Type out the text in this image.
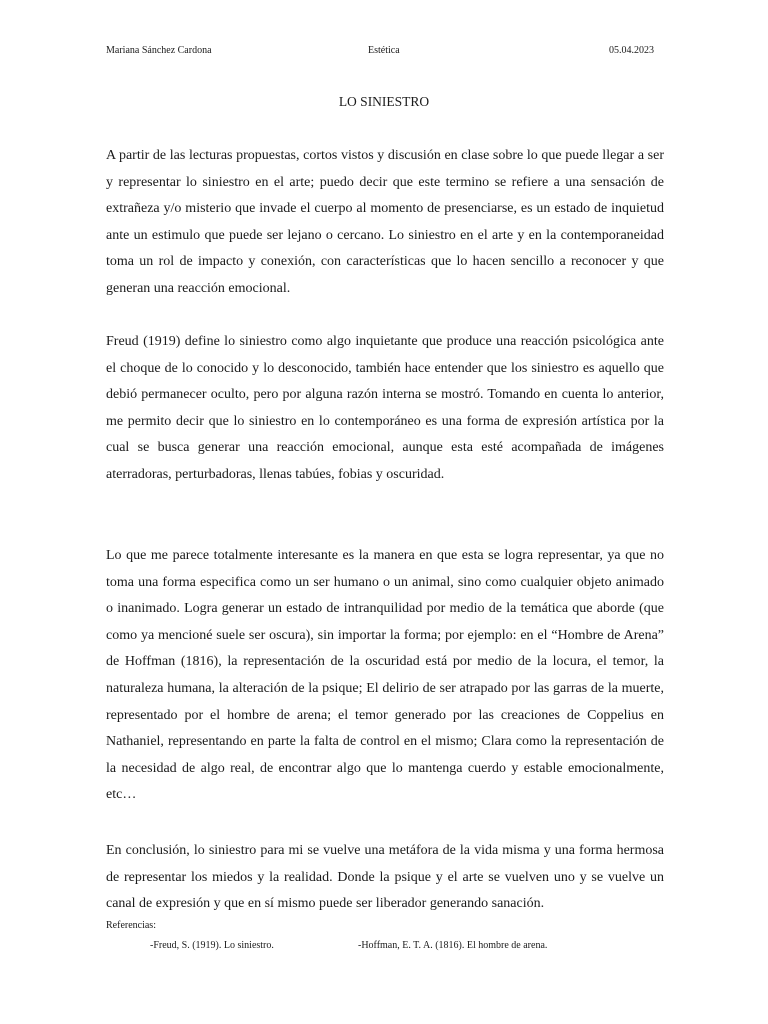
Mariana Sánchez Cardona	Estética	05.04.2023
LO SINIESTRO

A partir de las lecturas propuestas, cortos vistos y discusión en clase sobre lo que puede llegar a ser y representar lo siniestro en el arte; puedo decir que este termino se refiere a una sensación de extrañeza y/o misterio que invade el cuerpo al momento de presenciarse, es un estado de inquietud ante un estimulo que puede ser lejano o cercano. Lo siniestro en el arte y en la contemporaneidad toma un rol de impacto y conexión, con características que lo hacen sencillo a reconocer y que generan una reacción emocional.

Freud (1919) define lo siniestro como algo inquietante que produce una reacción psicológica ante el choque de lo conocido y lo desconocido, también hace entender que los siniestro es aquello que debió permanecer oculto, pero por alguna razón interna se mostró. Tomando en cuenta lo anterior, me permito decir que lo siniestro en lo contemporáneo es una forma de expresión artística por la cual se busca generar una reacción emocional, aunque esta esté acompañada de imágenes aterradoras, perturbadoras, llenas tabúes, fobias y oscuridad.

Lo que me parece totalmente interesante es la manera en que esta se logra representar, ya que no toma una forma especifica como un ser humano o un animal, sino como cualquier objeto animado o inanimado. Logra generar un estado de intranquilidad por medio de la temática que aborde (que como ya mencioné suele ser oscura), sin importar la forma; por ejemplo: en el “Hombre de Arena” de Hoffman (1816), la representación de la oscuridad está por medio de la locura, el temor, la naturaleza humana, la alteración de la psique; El delirio de ser atrapado por las garras de la muerte, representado por el hombre de arena; el temor generado por las creaciones de Coppelius en Nathaniel, representando en parte la falta de control en el mismo; Clara como la representación de la necesidad de algo real, de encontrar algo que lo mantenga cuerdo y estable emocionalmente, etc…

En conclusión, lo siniestro para mi se vuelve una metáfora de la vida misma y una forma hermosa de representar los miedos y la realidad. Donde la psique y el arte se vuelven uno y se vuelve un canal de expresión y que en sí mismo puede ser liberador generando sanación.

Referencias:
-Freud, S. (1919). Lo siniestro.	-Hoffman, E. T. A. (1816). El hombre de arena.
